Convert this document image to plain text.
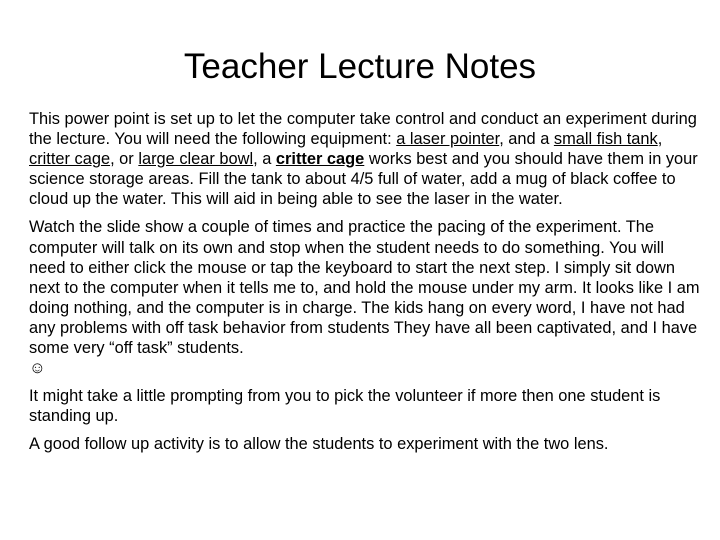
Teacher Lecture Notes

This power point is set up to let the computer take control and conduct an experiment during the lecture. You will need the following equipment: a laser pointer, and a small fish tank, critter cage, or large clear bowl, a critter cage works best and you should have them in your science storage areas. Fill the tank to about 4/5 full of water, add a mug of black coffee to cloud up the water. This will aid in being able to see the laser in the water.

Watch the slide show a couple of times and practice the pacing of the experiment. The computer will talk on its own and stop when the student needs to do something. You will need to either click the mouse or tap the keyboard to start the next step. I simply sit down next to the computer when it tells me to, and hold the mouse under my arm. It looks like I am doing nothing, and the computer is in charge. The kids hang on every word, I have not had any problems with off task behavior from students They have all been captivated, and I have some very “off task” students.
☺

It might take a little prompting from you to pick the volunteer if more then one student is standing up.

A good follow up activity is to allow the students to experiment with the two lens.
